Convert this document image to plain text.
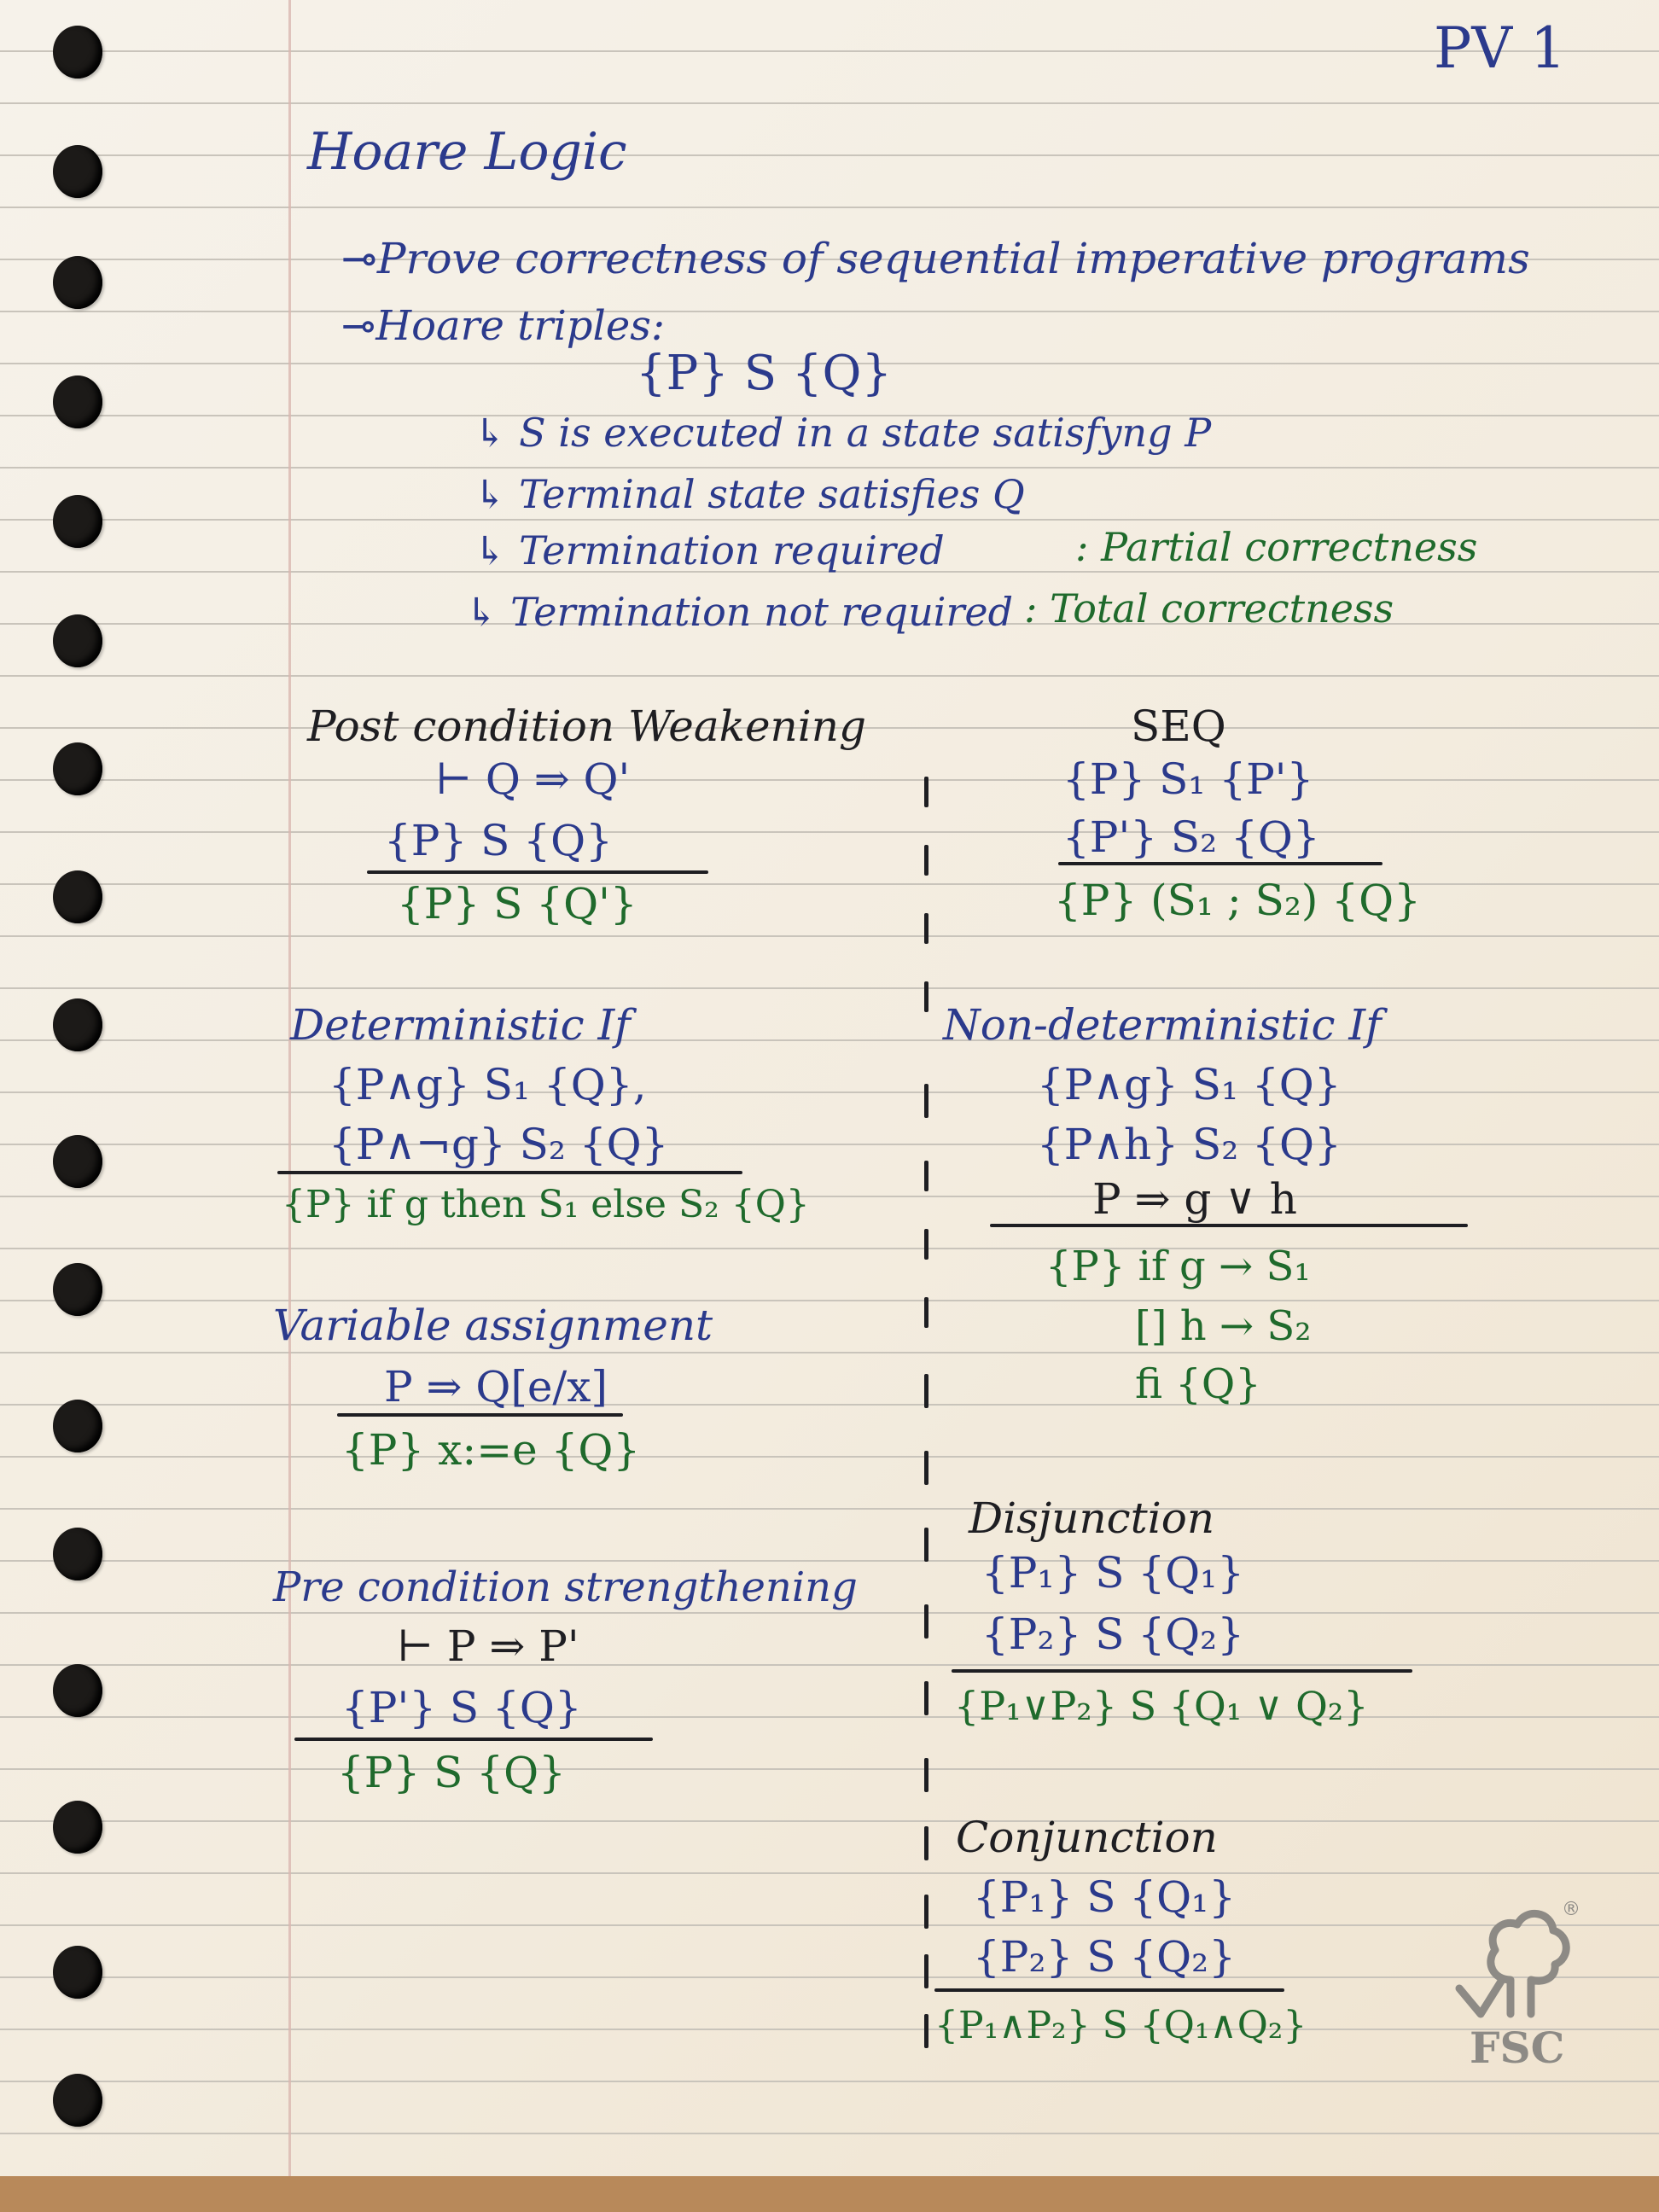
PV 1
Hoare Logic
⊸Prove correctness of sequential imperative programs
⊸Hoare triples:
{P} S {Q}
↳ S is executed in a state satisfyng P
↳ Terminal state satisfies Q
↳ Termination required	: Partial correctness
↳ Termination not required : Total correctness
Post condition Weakening
⊢ Q ⇒ Q'
{P} S {Q}
{P} S {Q'}
SEQ
{P} S₁ {P'}
{P'} S₂ {Q}
{P} (S₁ ; S₂) {Q}
Deterministic If
{P∧g} S₁ {Q},
{P∧¬g} S₂ {Q}
{P} if g then S₁ else S₂ {Q}
Non-deterministic If
{P∧g} S₁ {Q}
{P∧h} S₂ {Q}
P ⇒ g ∨ h
{P} if g → S₁
[] h → S₂
fi {Q}
Variable assignment
P ⇒ Q[e/x]
{P} x:=e {Q}
Disjunction
{P₁} S {Q₁}
{P₂} S {Q₂}
{P₁∨P₂} S {Q₁ ∨ Q₂}
Pre condition strengthening
⊢ P ⇒ P'
{P'} S {Q}
{P} S {Q}
Conjunction
{P₁} S {Q₁}
{P₂} S {Q₂}
{P₁∧P₂} S {Q₁∧Q₂}	FSC
®
